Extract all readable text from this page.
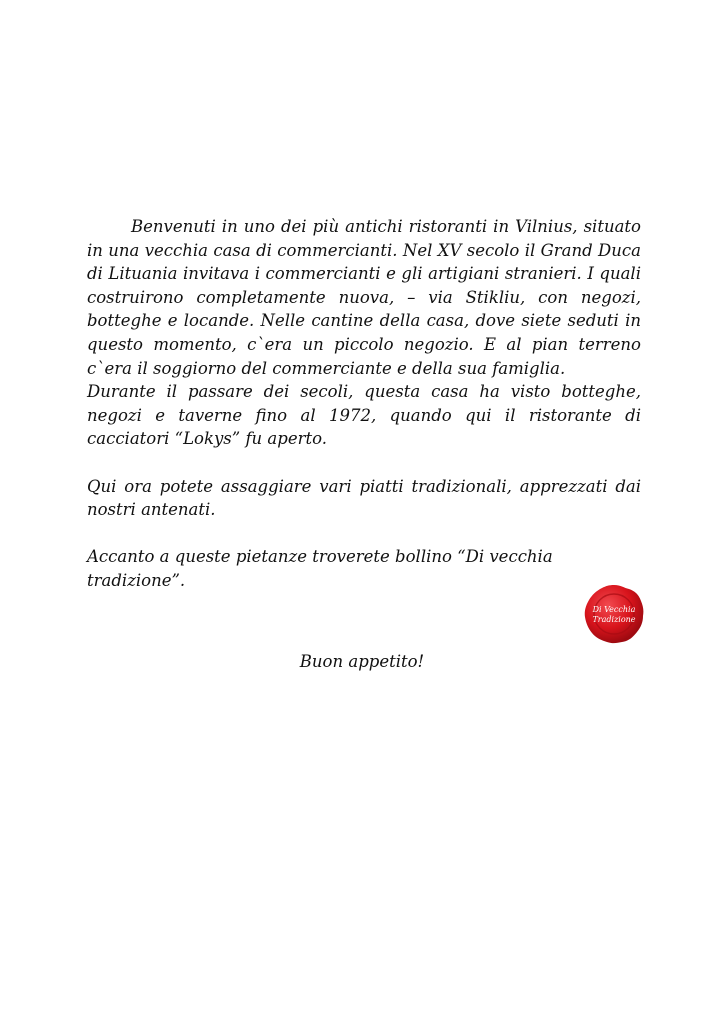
Benvenuti in uno dei più antichi ristoranti in Vilnius, situato in una vecchia casa di commercianti. Nel XV secolo il Grand Duca di Lituania invitava i commercianti e gli artigiani stranieri. I quali costruirono completamente nuova, – via Stikliu, con negozi, botteghe e locande. Nelle cantine della casa, dove siete seduti in questo momento, c`era un piccolo negozio. E al pian terreno c`era il soggiorno del commerciante e della sua famiglia.

Durante il passare dei secoli, questa casa ha visto botteghe, negozi e taverne fino al 1972, quando qui il ristorante di cacciatori “Lokys” fu aperto.

Qui ora potete assaggiare vari piatti tradizionali, apprezzati dai nostri antenati.

Accanto a queste pietanze troverete bollino “Di vecchia tradizione”.

Di Vecchia
Tradizione
Buon appetito!
